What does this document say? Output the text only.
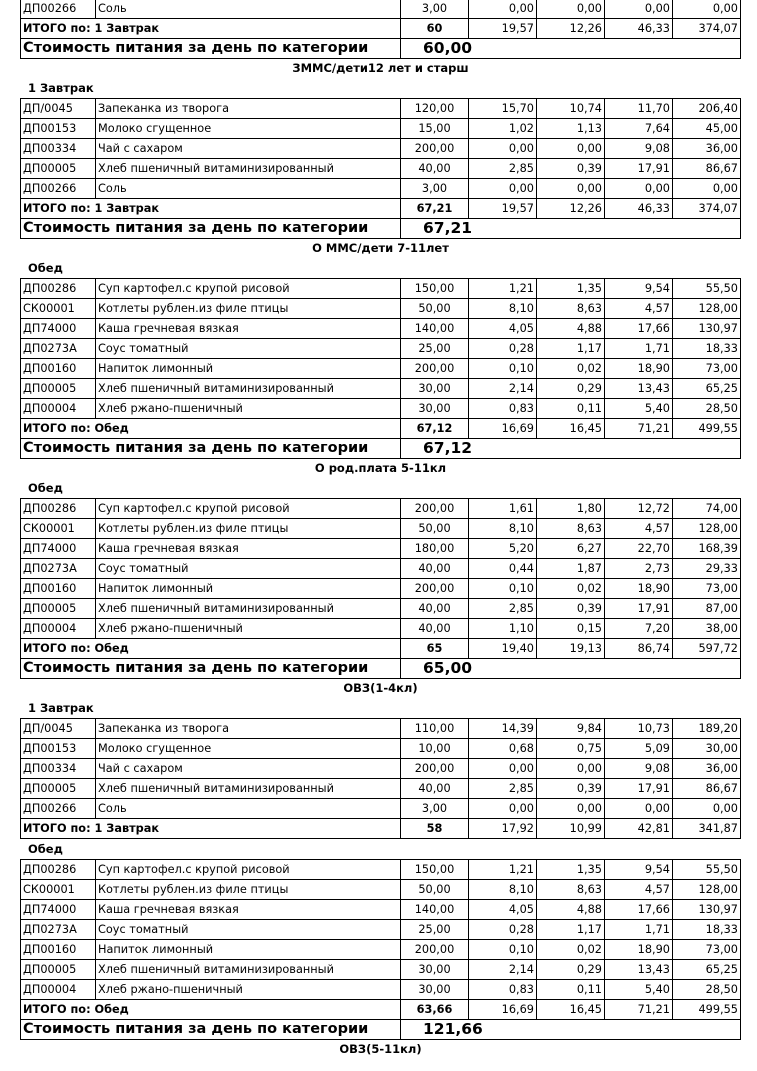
ДП00266	Соль	3,00	0,00	0,00	0,00	0,00
ИТОГО по: 1 Завтрак		60	19,57	12,26	46,33	374,07
Стоимость питания за день по категории		60,00				
ЗММС/дети12 лет и старш
1 Завтрак
ДП/0045	Запеканка из творога	120,00	15,70	10,74	11,70	206,40
ДП00153	Молоко сгущенное	15,00	1,02	1,13	7,64	45,00
ДП00334	Чай с сахаром	200,00	0,00	0,00	9,08	36,00
ДП00005	Хлеб пшеничный витаминизированный	40,00	2,85	0,39	17,91	86,67
ДП00266	Соль	3,00	0,00	0,00	0,00	0,00
ИТОГО по: 1 Завтрак		67,21	19,57	12,26	46,33	374,07
Стоимость питания за день по категории		67,21				
О ММС/дети 7-11лет
Обед
ДП00286	Суп картофел.с крупой рисовой	150,00	1,21	1,35	9,54	55,50
СК00001	Котлеты рублен.из филе птицы	50,00	8,10	8,63	4,57	128,00
ДП74000	Каша гречневая вязкая	140,00	4,05	4,88	17,66	130,97
ДП0273А	Соус томатный	25,00	0,28	1,17	1,71	18,33
ДП00160	Напиток лимонный	200,00	0,10	0,02	18,90	73,00
ДП00005	Хлеб пшеничный витаминизированный	30,00	2,14	0,29	13,43	65,25
ДП00004	Хлеб ржано-пшеничный	30,00	0,83	0,11	5,40	28,50
ИТОГО по: Обед		67,12	16,69	16,45	71,21	499,55
Стоимость питания за день по категории		67,12				
О род.плата 5-11кл
Обед
ДП00286	Суп картофел.с крупой рисовой	200,00	1,61	1,80	12,72	74,00
СК00001	Котлеты рублен.из филе птицы	50,00	8,10	8,63	4,57	128,00
ДП74000	Каша гречневая вязкая	180,00	5,20	6,27	22,70	168,39
ДП0273А	Соус томатный	40,00	0,44	1,87	2,73	29,33
ДП00160	Напиток лимонный	200,00	0,10	0,02	18,90	73,00
ДП00005	Хлеб пшеничный витаминизированный	40,00	2,85	0,39	17,91	87,00
ДП00004	Хлеб ржано-пшеничный	40,00	1,10	0,15	7,20	38,00
ИТОГО по: Обед		65	19,40	19,13	86,74	597,72
Стоимость питания за день по категории		65,00				
ОВЗ(1-4кл)
1 Завтрак
ДП/0045	Запеканка из творога	110,00	14,39	9,84	10,73	189,20
ДП00153	Молоко сгущенное	10,00	0,68	0,75	5,09	30,00
ДП00334	Чай с сахаром	200,00	0,00	0,00	9,08	36,00
ДП00005	Хлеб пшеничный витаминизированный	40,00	2,85	0,39	17,91	86,67
ДП00266	Соль	3,00	0,00	0,00	0,00	0,00
ИТОГО по: 1 Завтрак		58	17,92	10,99	42,81	341,87
Обед
ДП00286	Суп картофел.с крупой рисовой	150,00	1,21	1,35	9,54	55,50
СК00001	Котлеты рублен.из филе птицы	50,00	8,10	8,63	4,57	128,00
ДП74000	Каша гречневая вязкая	140,00	4,05	4,88	17,66	130,97
ДП0273А	Соус томатный	25,00	0,28	1,17	1,71	18,33
ДП00160	Напиток лимонный	200,00	0,10	0,02	18,90	73,00
ДП00005	Хлеб пшеничный витаминизированный	30,00	2,14	0,29	13,43	65,25
ДП00004	Хлеб ржано-пшеничный	30,00	0,83	0,11	5,40	28,50
ИТОГО по: Обед		63,66	16,69	16,45	71,21	499,55
Стоимость питания за день по категории		121,66				
ОВЗ(5-11кл)
